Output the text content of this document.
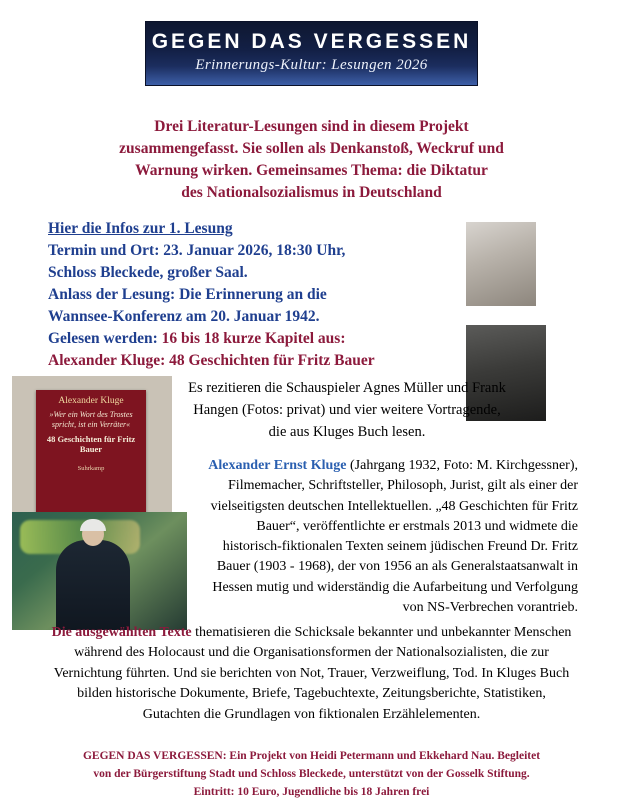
GEGEN DAS VERGESSEN
Erinnerungs-Kultur: Lesungen 2026
Drei Literatur-Lesungen sind in diesem Projekt
zusammengefasst. Sie sollen als Denkanstoß, Weckruf und
Warnung wirken. Gemeinsames Thema: die Diktatur
des Nationalsozialismus in Deutschland
Hier die Infos zur 1. Lesung
Termin und Ort: 23. Januar 2026, 18:30 Uhr,
Schloss Bleckede, großer Saal.
Anlass der Lesung: Die Erinnerung an die
Wannsee-Konferenz am 20. Januar 1942.
Gelesen werden: 16 bis 18 kurze Kapitel aus:
Alexander Kluge: 48 Geschichten für Fritz Bauer
Alexander Kluge
»Wer ein Wort des Trostes spricht, ist ein Verräter«
48 Geschichten für Fritz Bauer
Suhrkamp
Es rezitieren die Schauspieler Agnes Müller und Frank Hangen (Fotos: privat) und vier weitere Vortragende, die aus Kluges Buch lesen.
Alexander Ernst Kluge (Jahrgang 1932, Foto: M. Kirchgessner), Filmemacher, Schriftsteller, Philosoph, Jurist, gilt als einer der vielseitigsten deutschen Intellektuellen. „48 Geschichten für Fritz Bauer“, veröffentlichte er erstmals 2013 und widmete die historisch-fiktionalen Texten seinem jüdischen Freund Dr. Fritz Bauer (1903 - 1968), der von 1956 an als Generalstaatsanwalt in Hessen mutig und widerständig die Aufarbeitung und Verfolgung von NS-Verbrechen vorantrieb.
Die ausgewählten Texte thematisieren die Schicksale bekannter und unbekannter Menschen während des Holocaust und die Organisationsformen der Nationalsozialisten, die zur Vernichtung führten. Und sie berichten von Not, Trauer, Verzweiflung, Tod. In Kluges Buch bilden historische Dokumente, Briefe, Tagebuchtexte, Zeitungsberichte, Statistiken, Gutachten die Grundlagen von fiktionalen Erzählelementen.
GEGEN DAS VERGESSEN: Ein Projekt von Heidi Petermann und Ekkehard Nau. Begleitet
von der Bürgerstiftung Stadt und Schloss Bleckede, unterstützt von der Gosselk Stiftung.
Eintritt: 10 Euro, Jugendliche bis 18 Jahren frei
